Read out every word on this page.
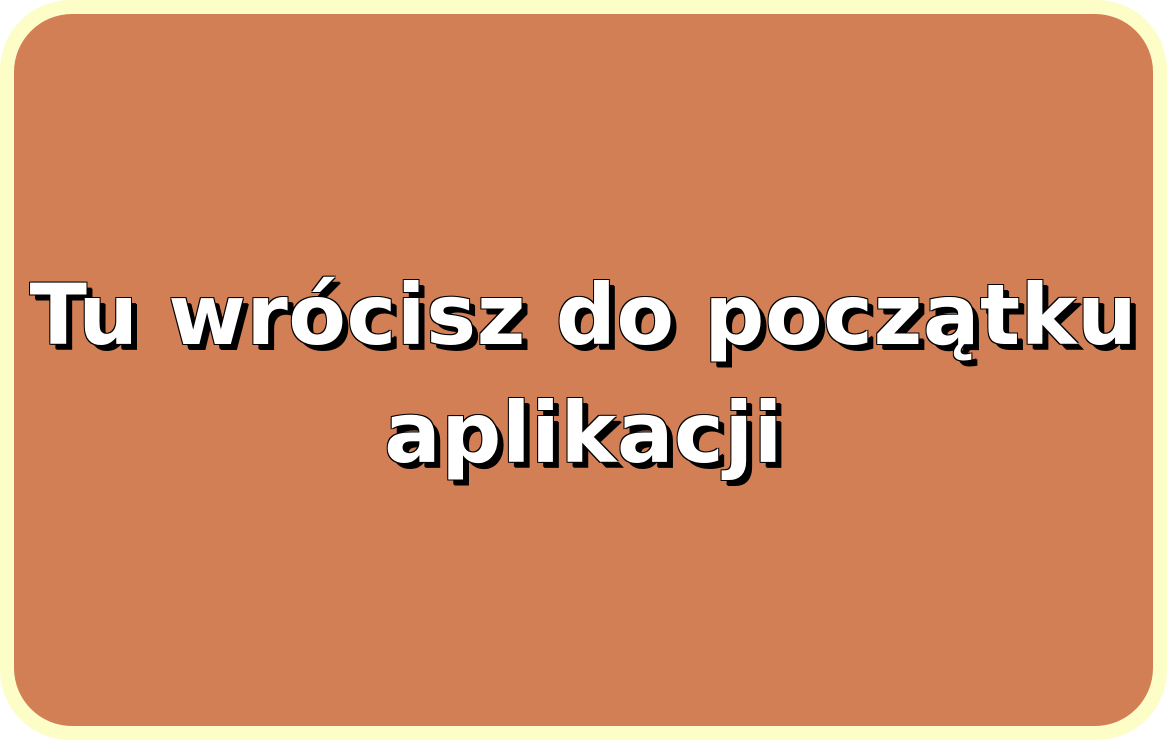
Tu wrócisz do początku
aplikacji
